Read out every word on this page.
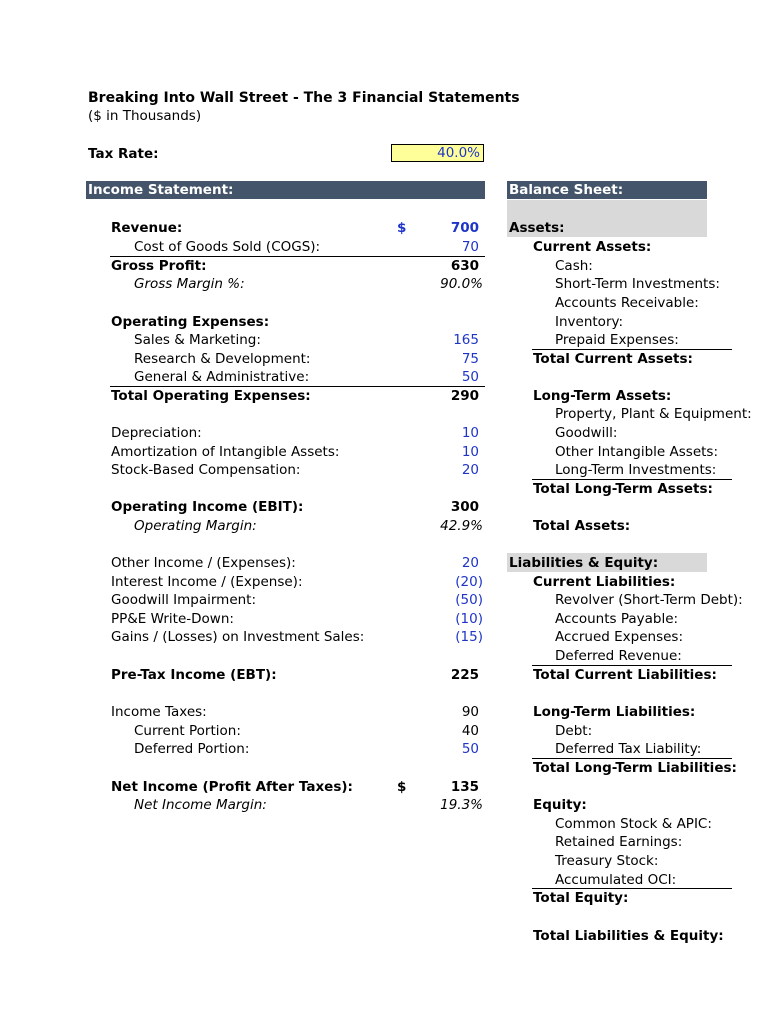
Breaking Into Wall Street - The 3 Financial Statements
($ in Thousands)
Tax Rate:	40.0%
Income Statement:
Revenue:	$	700
Cost of Goods Sold (COGS):	70
Gross Profit:	630
Gross Margin %:	90.0%
Operating Expenses:
Sales & Marketing:	165
Research & Development:	75
General & Administrative:	50
Total Operating Expenses:	290
Depreciation:	10
Amortization of Intangible Assets:	10
Stock-Based Compensation:	20
Operating Income (EBIT):	300
Operating Margin:	42.9%
Other Income / (Expenses):	20
Interest Income / (Expense):	(20)
Goodwill Impairment:	(50)
PP&E Write-Down:	(10)
Gains / (Losses) on Investment Sales:	(15)
Pre-Tax Income (EBT):	225
Income Taxes:	90
Current Portion:	40
Deferred Portion:	50
Net Income (Profit After Taxes):	$	135
Net Income Margin:	19.3%
Balance Sheet:
Assets:
Current Assets:
Cash:
Short-Term Investments:
Accounts Receivable:
Inventory:
Prepaid Expenses:
Total Current Assets:
Long-Term Assets:
Property, Plant & Equipment:
Goodwill:
Other Intangible Assets:
Long-Term Investments:
Total Long-Term Assets:
Total Assets:
Liabilities & Equity:
Current Liabilities:
Revolver (Short-Term Debt):
Accounts Payable:
Accrued Expenses:
Deferred Revenue:
Total Current Liabilities:
Long-Term Liabilities:
Debt:
Deferred Tax Liability:
Total Long-Term Liabilities:
Equity:
Common Stock & APIC:
Retained Earnings:
Treasury Stock:
Accumulated OCI:
Total Equity:
Total Liabilities & Equity:
